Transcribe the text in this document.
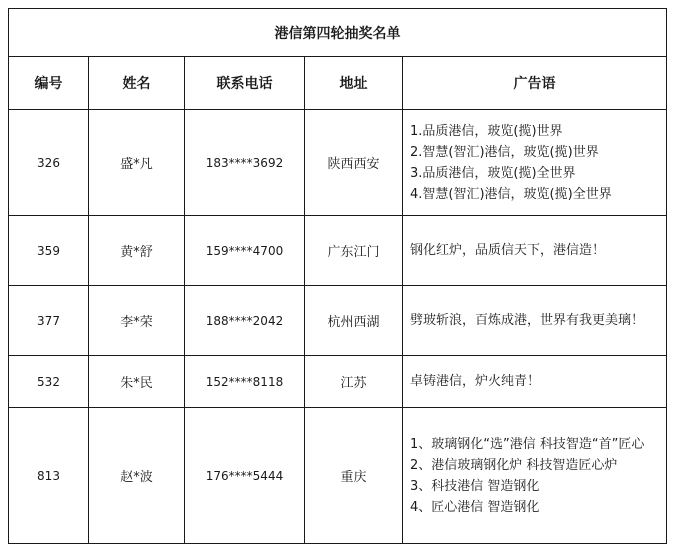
港信第四轮抽奖名单				
编号	姓名	联系电话	地址	广告语
326	盛*凡	183****3692	陕西西安	1.品质港信，玻览(揽)世界
2.智慧(智汇)港信，玻览(揽)世界
3.品质港信，玻览(揽)全世界
4.智慧(智汇)港信，玻览(揽)全世界

359	黄*舒	159****4700	广东江门	钢化红炉，品质信天下，港信造！

377	李*荣	188****2042	杭州西湖	劈玻斩浪，百炼成港，世界有我更美璃！

532	朱*民	152****8118	江苏	卓铸港信，炉火纯青！

813	赵*波	176****5444	重庆	1、玻璃钢化“选”港信 科技智造“首”匠心
2、港信玻璃钢化炉 科技智造匠心炉
3、科技港信 智造钢化
4、匠心港信 智造钢化
